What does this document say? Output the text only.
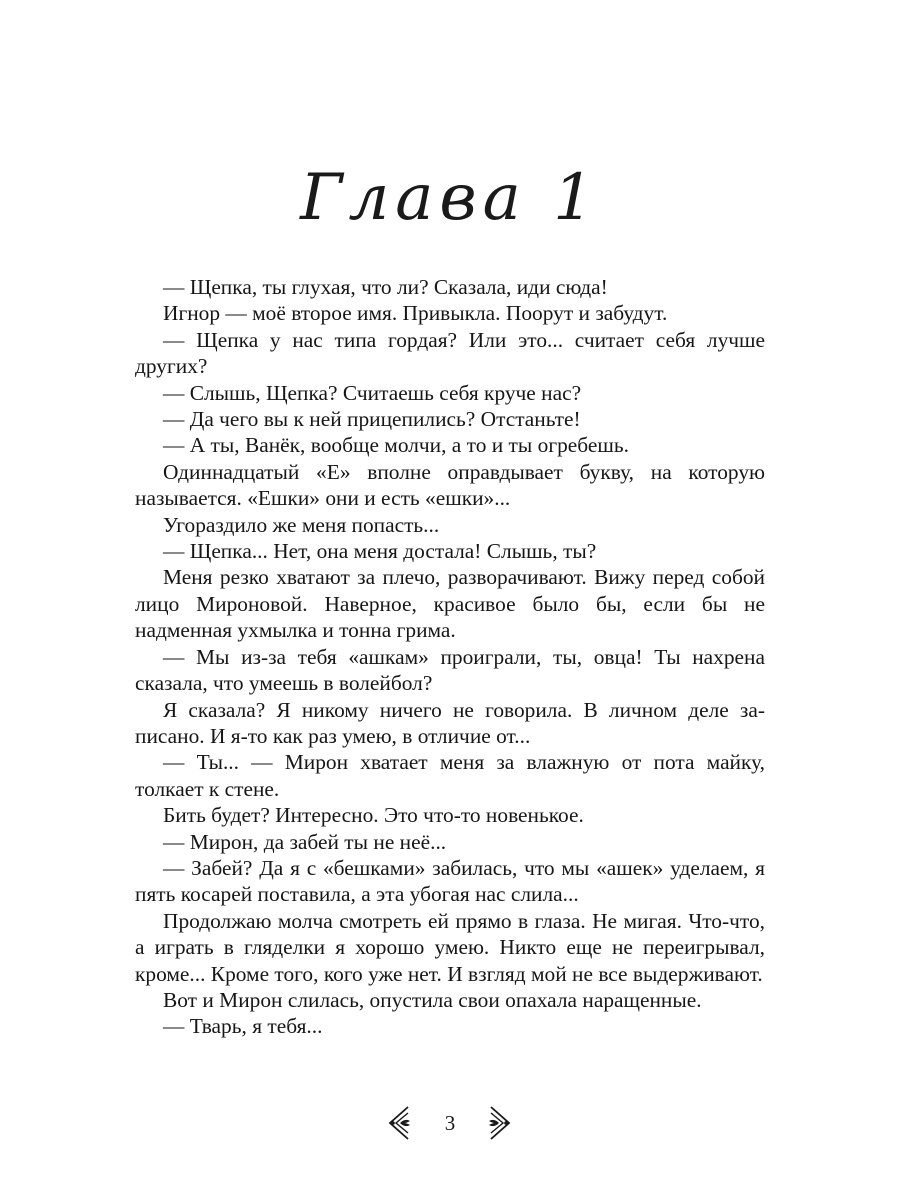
Глава 1

— Щепка, ты глухая, что ли? Сказала, иди сюда!

Игнор — моё второе имя. Привыкла. Поорут и забудут.

— Щепка у нас типа гордая? Или это... считает себя лучше других?

— Слышь, Щепка? Считаешь себя круче нас?

— Да чего вы к ней прицепились? Отстаньте!

— А ты, Ванёк, вообще молчи, а то и ты огребешь.

Одиннадцатый «Е» вполне оправдывает букву, на которую называется. «Ешки» они и есть «ешки»...

Угораздило же меня попасть...

— Щепка... Нет, она меня достала! Слышь, ты?

Меня резко хватают за плечо, разворачивают. Вижу перед собой лицо Мироновой. Наверное, красивое было бы, если бы не надменная ухмылка и тонна грима.

— Мы из-за тебя «ашкам» проиграли, ты, овца! Ты нахрена сказала, что умеешь в волейбол?

Я сказала? Я никому ничего не говорила. В личном деле записано. И я-то как раз умею, в отличие от...

— Ты... — Мирон хватает меня за влажную от пота майку, толкает к стене.

Бить будет? Интересно. Это что-то новенькое.

— Мирон, да забей ты не неё...

— Забей? Да я с «бешками» забилась, что мы «ашек» уделаем, я пять косарей поставила, а эта убогая нас слила...

Продолжаю молча смотреть ей прямо в глаза. Не мигая. Что-что, а играть в гляделки я хорошо умею. Никто еще не переигрывал, кроме... Кроме того, кого уже нет. И взгляд мой не все выдерживают.

Вот и Мирон слилась, опустила свои опахала наращенные.

— Тварь, я тебя...

3
